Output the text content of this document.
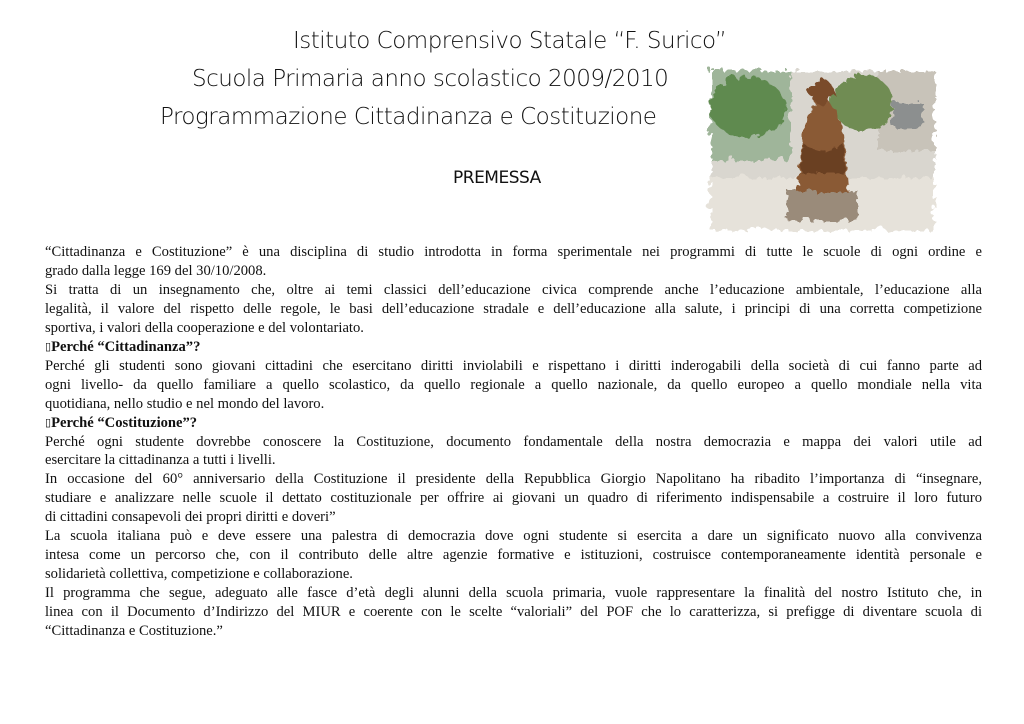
Istituto Comprensivo Statale “F. Surico”
Scuola Primaria anno scolastico 2009/2010
Programmazione Cittadinanza e Costituzione
PREMESSA
“Cittadinanza e Costituzione” è una disciplina di studio introdotta in forma sperimentale nei programmi di tutte le scuole di ogni ordine e
grado dalla legge 169 del 30/10/2008.
Si tratta di un insegnamento che, oltre ai temi classici dell’educazione civica comprende anche l’educazione ambientale, l’educazione alla
legalità, il valore del rispetto delle regole, le basi dell’educazione stradale e dell’educazione alla salute, i principi di una corretta competizione
sportiva, i valori della cooperazione e del volontariato.
▯Perché “Cittadinanza”?
Perché gli studenti sono giovani cittadini che esercitano diritti inviolabili e rispettano i diritti inderogabili della società di cui fanno parte ad
ogni livello- da quello familiare a quello scolastico, da quello regionale a quello nazionale, da quello europeo a quello mondiale nella vita
quotidiana, nello studio e nel mondo del lavoro.
▯Perché “Costituzione”?
Perché ogni studente dovrebbe conoscere la Costituzione, documento fondamentale della nostra democrazia e mappa dei valori utile ad
esercitare la cittadinanza a tutti i livelli.
In occasione del 60° anniversario della Costituzione il presidente della Repubblica Giorgio Napolitano ha ribadito l’importanza di “insegnare,
studiare e analizzare nelle scuole il dettato costituzionale per offrire ai giovani un quadro di riferimento indispensabile a costruire il loro futuro
di cittadini consapevoli dei propri diritti e doveri”
La scuola italiana può e deve essere una palestra di democrazia dove ogni studente si esercita a dare un significato nuovo alla convivenza
intesa come un percorso che, con il contributo delle altre agenzie formative e istituzioni, costruisce contemporaneamente identità personale e
solidarietà collettiva, competizione e collaborazione.
Il programma che segue, adeguato alle fasce d’età degli alunni della scuola primaria, vuole rappresentare la finalità del nostro Istituto che, in
linea con il Documento d’Indirizzo del MIUR e coerente con le scelte “valoriali” del POF che lo caratterizza, si prefigge di diventare scuola di
“Cittadinanza e Costituzione.”
